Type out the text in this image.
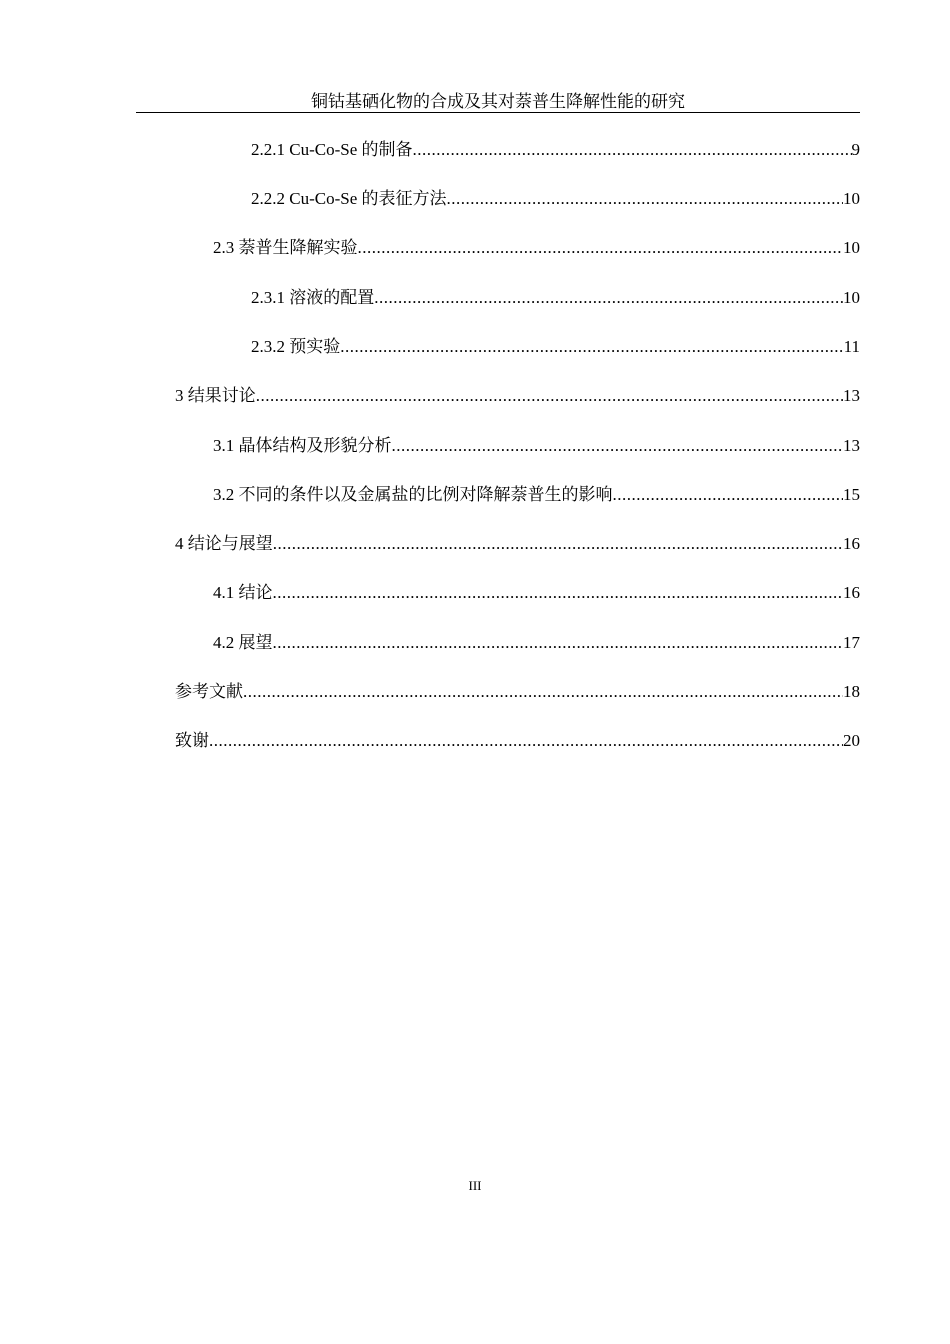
铜钴基硒化物的合成及其对萘普生降解性能的研究
2.2.1 Cu-Co-Se 的制备 .....	9
2.2.2 Cu-Co-Se 的表征方法 .....	10
2.3 萘普生降解实验 .....	10
2.3.1 溶液的配置 .....	10
2.3.2 预实验 .....	11
3 结果讨论 .....	13
3.1 晶体结构及形貌分析 .....	13
3.2 不同的条件以及金属盐的比例对降解萘普生的影响 .....	15
4 结论与展望 .....	16
4.1 结论 .....	16
4.2 展望 .....	17
参考文献 .....	18
致谢 .....	20
III
